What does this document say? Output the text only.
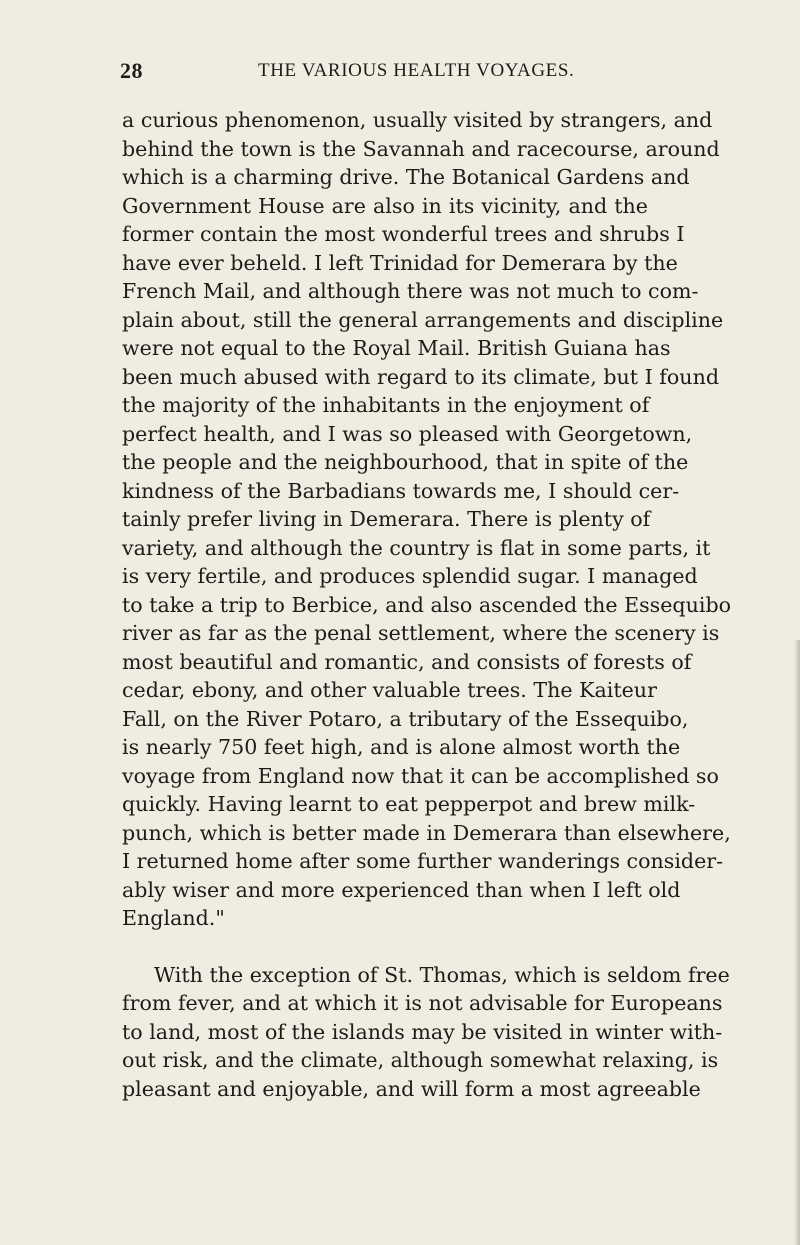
28	THE VARIOUS HEALTH VOYAGES.
a curious phenomenon, usually visited by strangers, and
behind the town is the Savannah and racecourse, around
which is a charming drive. The Botanical Gardens and
Government House are also in its vicinity, and the
former contain the most wonderful trees and shrubs I
have ever beheld. I left Trinidad for Demerara by the
French Mail, and although there was not much to com-
plain about, still the general arrangements and discipline
were not equal to the Royal Mail. British Guiana has
been much abused with regard to its climate, but I found
the majority of the inhabitants in the enjoyment of
perfect health, and I was so pleased with Georgetown,
the people and the neighbourhood, that in spite of the
kindness of the Barbadians towards me, I should cer-
tainly prefer living in Demerara. There is plenty of
variety, and although the country is flat in some parts, it
is very fertile, and produces splendid sugar. I managed
to take a trip to Berbice, and also ascended the Essequibo
river as far as the penal settlement, where the scenery is
most beautiful and romantic, and consists of forests of
cedar, ebony, and other valuable trees. The Kaiteur
Fall, on the River Potaro, a tributary of the Essequibo,
is nearly 750 feet high, and is alone almost worth the
voyage from England now that it can be accomplished so
quickly. Having learnt to eat pepperpot and brew milk-
punch, which is better made in Demerara than elsewhere,
I returned home after some further wanderings consider-
ably wiser and more experienced than when I left old
England."
With the exception of St. Thomas, which is seldom free
from fever, and at which it is not advisable for Europeans
to land, most of the islands may be visited in winter with-
out risk, and the climate, although somewhat relaxing, is
pleasant and enjoyable, and will form a most agreeable
